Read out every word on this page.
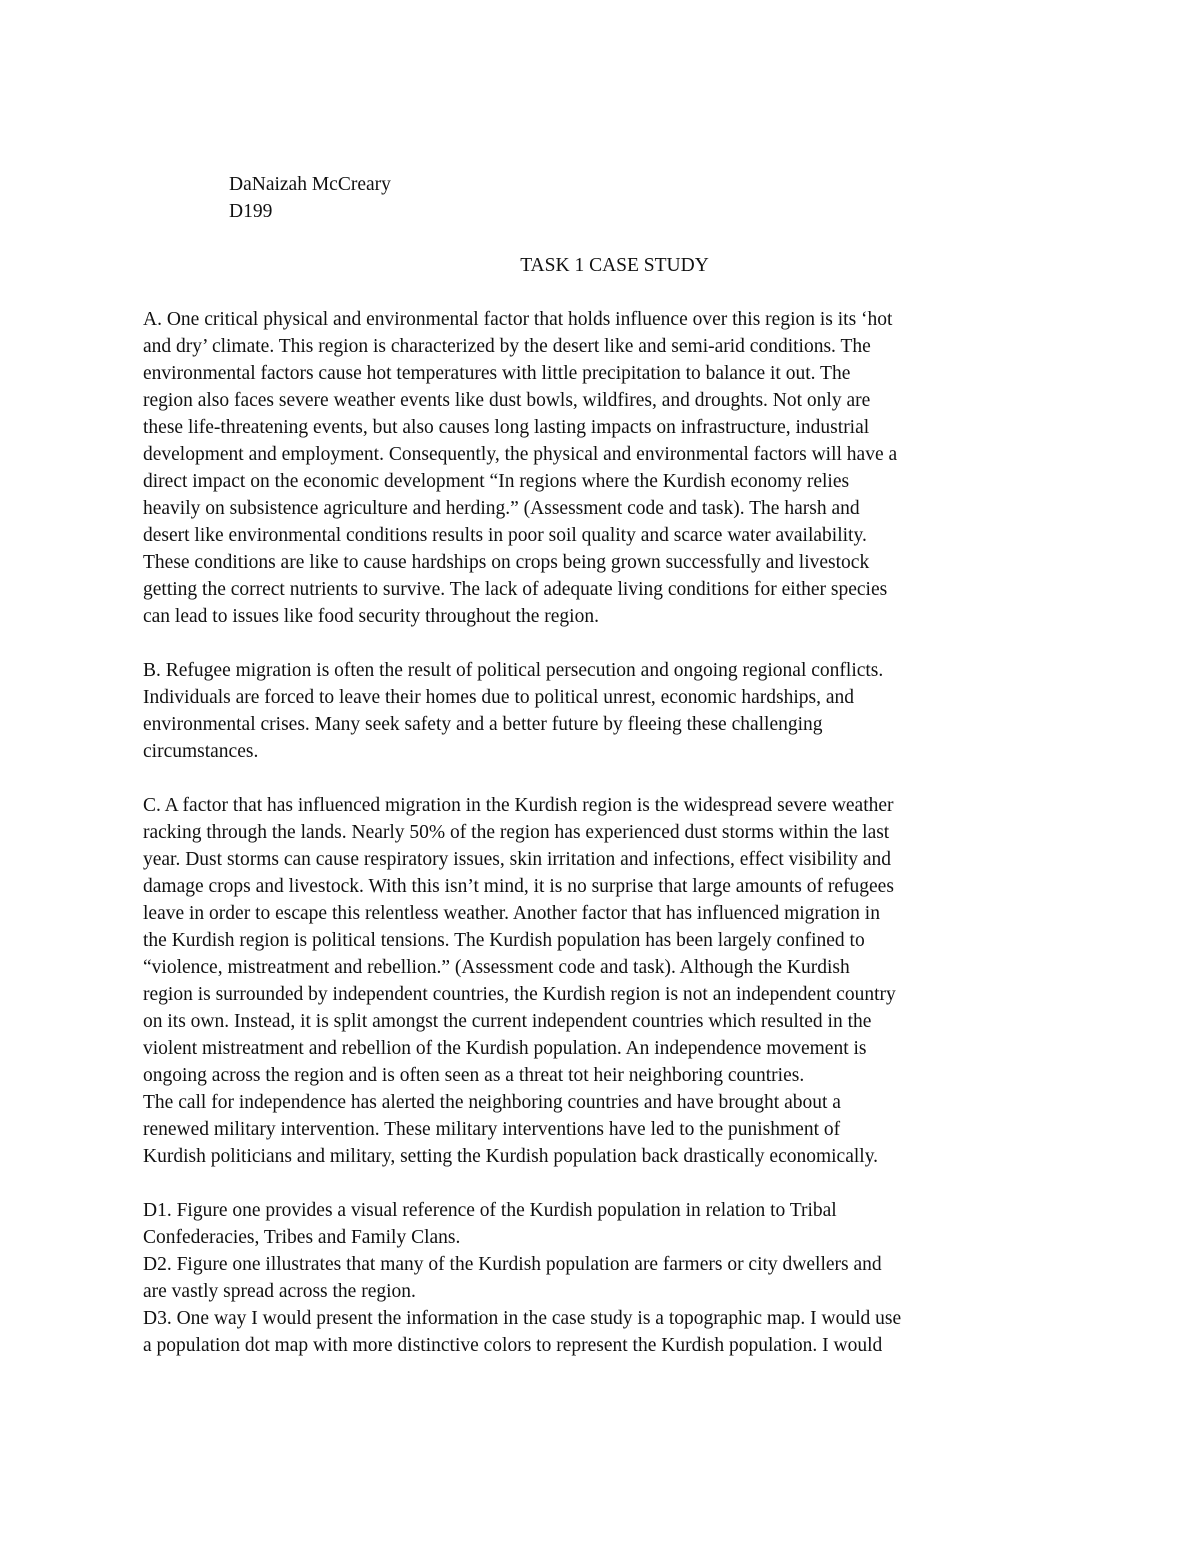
DaNaizah McCreary

D199

TASK 1 CASE STUDY

A. One critical physical and environmental factor that holds influence over this region is its ‘hot
and dry’ climate. This region is characterized by the desert like and semi-arid conditions. The
environmental factors cause hot temperatures with little precipitation to balance it out. The
region also faces severe weather events like dust bowls, wildfires, and droughts. Not only are
these life-threatening events, but also causes long lasting impacts on infrastructure, industrial
development and employment. Consequently, the physical and environmental factors will have a
direct impact on the economic development “In regions where the Kurdish economy relies
heavily on subsistence agriculture and herding.” (Assessment code and task). The harsh and
desert like environmental conditions results in poor soil quality and scarce water availability.
These conditions are like to cause hardships on crops being grown successfully and livestock
getting the correct nutrients to survive. The lack of adequate living conditions for either species
can lead to issues like food security throughout the region.
B. Refugee migration is often the result of political persecution and ongoing regional conflicts.
Individuals are forced to leave their homes due to political unrest, economic hardships, and
environmental crises. Many seek safety and a better future by fleeing these challenging
circumstances.
C. A factor that has influenced migration in the Kurdish region is the widespread severe weather
racking through the lands. Nearly 50% of the region has experienced dust storms within the last
year. Dust storms can cause respiratory issues, skin irritation and infections, effect visibility and
damage crops and livestock. With this isn’t mind, it is no surprise that large amounts of refugees
leave in order to escape this relentless weather. Another factor that has influenced migration in
the Kurdish region is political tensions. The Kurdish population has been largely confined to
“violence, mistreatment and rebellion.” (Assessment code and task). Although the Kurdish
region is surrounded by independent countries, the Kurdish region is not an independent country
on its own. Instead, it is split amongst the current independent countries which resulted in the
violent mistreatment and rebellion of the Kurdish population. An independence movement is
ongoing across the region and is often seen as a threat tot heir neighboring countries.
The call for independence has alerted the neighboring countries and have brought about a
renewed military intervention. These military interventions have led to the punishment of
Kurdish politicians and military, setting the Kurdish population back drastically economically.
D1. Figure one provides a visual reference of the Kurdish population in relation to Tribal
Confederacies, Tribes and Family Clans.
D2. Figure one illustrates that many of the Kurdish population are farmers or city dwellers and
are vastly spread across the region.
D3. One way I would present the information in the case study is a topographic map. I would use
a population dot map with more distinctive colors to represent the Kurdish population. I would
